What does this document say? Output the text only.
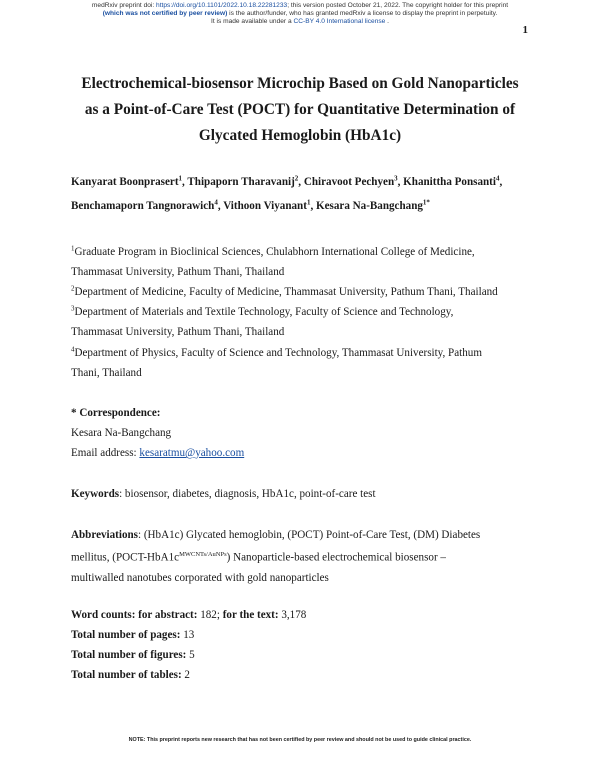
medRxiv preprint doi: https://doi.org/10.1101/2022.10.18.22281233; this version posted October 21, 2022. The copyright holder for this preprint
(which was not certified by peer review) is the author/funder, who has granted medRxiv a license to display the preprint in perpetuity.
It is made available under a CC-BY 4.0 International license .
1
Electrochemical-biosensor Microchip Based on Gold Nanoparticles
as a Point-of-Care Test (POCT) for Quantitative Determination of
Glycated Hemoglobin (HbA1c)
Kanyarat Boonprasert$^1$, Thipaporn Tharavanij$^2$, Chiravoot Pechyen$^3$, Khanittha Ponsanti$^4$,
Benchamaporn Tangnorawich$^4$, Vithoon Viyanant$^1$, Kesara Na-Bangchang$^{1*}$
$^1$Graduate Program in Bioclinical Sciences, Chulabhorn International College of Medicine,
Thammasat University, Pathum Thani, Thailand
$^2$Department of Medicine, Faculty of Medicine, Thammasat University, Pathum Thani, Thailand
$^3$Department of Materials and Textile Technology, Faculty of Science and Technology,
Thammasat University, Pathum Thani, Thailand
$^4$Department of Physics, Faculty of Science and Technology, Thammasat University, Pathum
Thani, Thailand
* Correspondence:
Kesara Na-Bangchang
Email address: kesaratmu@yahoo.com
Keywords: biosensor, diabetes, diagnosis, HbA1c, point-of-care test
Abbreviations: (HbA1c) Glycated hemoglobin, (POCT) Point-of-Care Test, (DM) Diabetes
mellitus, $(POCT-HbA1c^{MWCNTs/AuNPs})$ Nanoparticle-based electrochemical biosensor –
multiwalled nanotubes corporated with gold nanoparticles
Word counts: for abstract: 182; for the text: 3,178
Total number of pages: 13
Total number of figures: 5
Total number of tables: 2
NOTE: This preprint reports new research that has not been certified by peer review and should not be used to guide clinical practice.
